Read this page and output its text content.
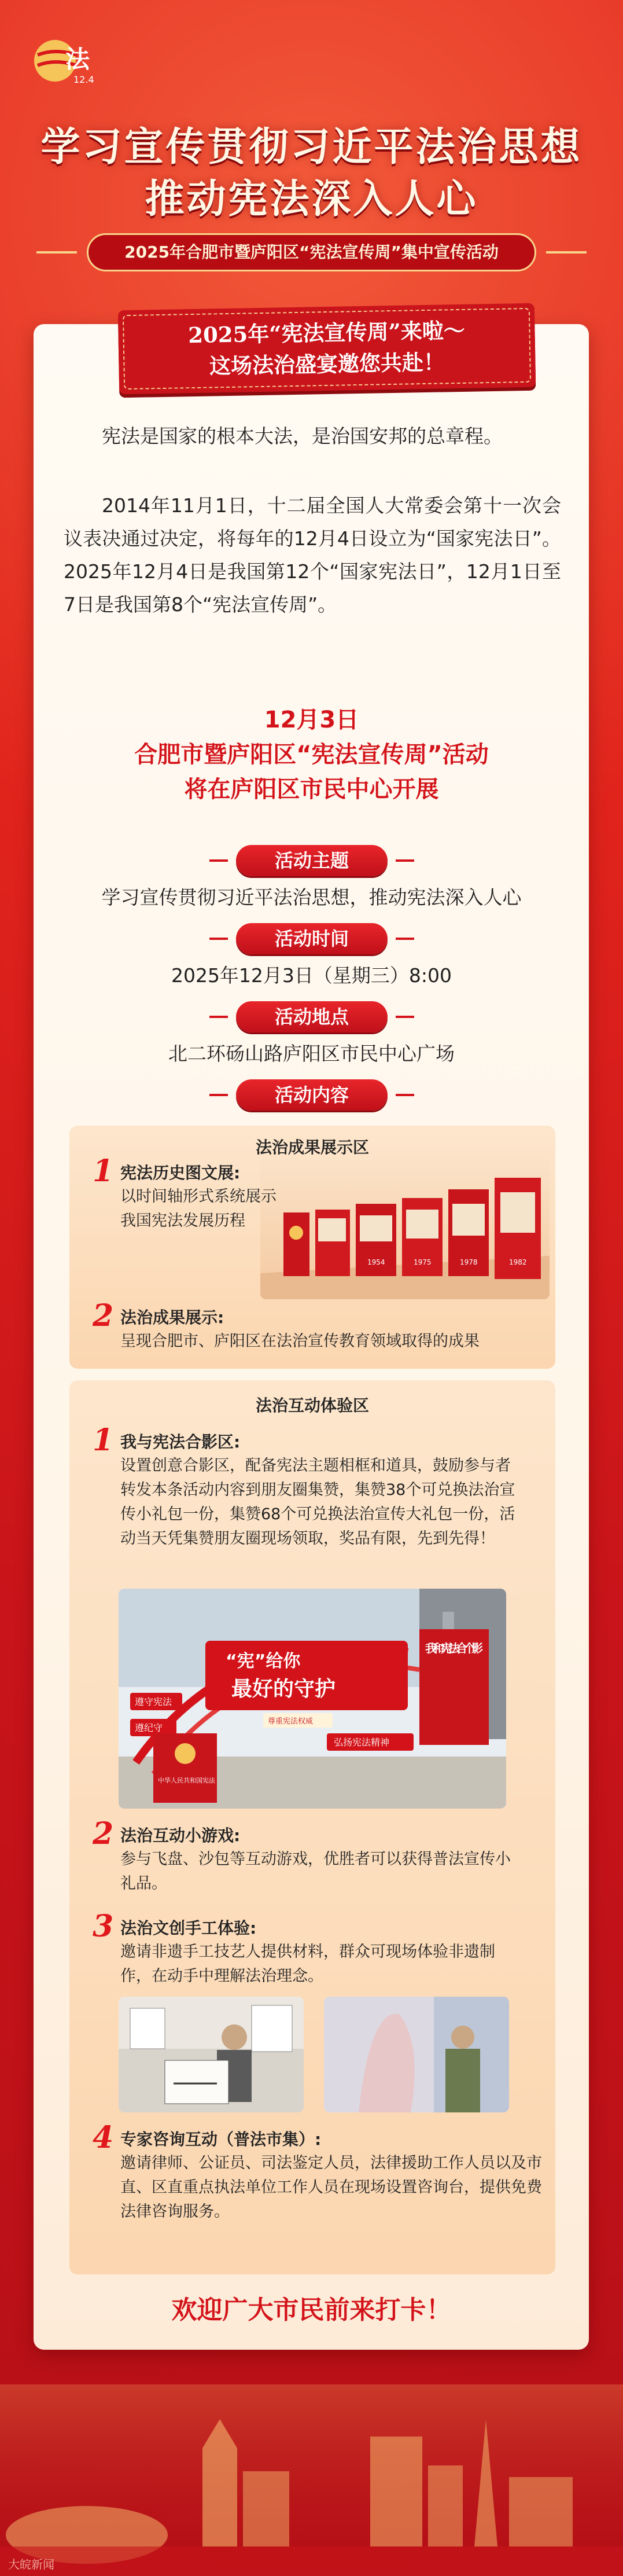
法
12.4
学习宣传贯彻习近平法治思想
推动宪法深入人心
2025年合肥市暨庐阳区“宪法宣传周”集中宣传活动
2025年“宪法宣传周”来啦～
这场法治盛宴邀您共赴！
宪法是国家的根本大法，是治国安邦的总章程。
2014年11月1日，十二届全国人大常委会第十一次会议表决通过决定，将每年的12月4日设立为“国家宪法日”。2025年12月4日是我国第12个“国家宪法日”，12月1日至7日是我国第8个“宪法宣传周”。
12月3日
合肥市暨庐阳区“宪法宣传周”活动
将在庐阳区市民中心开展
活动主题
学习宣传贯彻习近平法治思想，推动宪法深入人心
活动时间
2025年12月3日（星期三）8:00
活动地点
北二环砀山路庐阳区市民中心广场
活动内容
法治成果展示区
1954	1975	1978	1982
1 宪法历史图文展:
以时间轴形式系统展示
我国宪法发展历程
2 法治成果展示:
呈现合肥市、庐阳区在法治宣传教育领域取得的成果
法治互动体验区
1 我与宪法合影区:
设置创意合影区，配备宪法主题相框和道具，鼓励参与者转发本条活动内容到朋友圈集赞，集赞38个可兑换法治宣传小礼包一份，集赞68个可兑换法治宣传大礼包一份，活动当天凭集赞朋友圈现场领取，奖品有限，先到先得！
“宪”给你
最好的守护
我和宪法合个影
遵守宪法
遵纪守
中华人民共和国宪法
弘扬宪法精神
尊重宪法权威
2 法治互动小游戏:
参与飞盘、沙包等互动游戏，优胜者可以获得普法宣传小礼品。
3 法治文创手工体验:
邀请非遗手工技艺人提供材料，群众可现场体验非遗制作，在动手中理解法治理念。
4 专家咨询互动（普法市集）:
邀请律师、公证员、司法鉴定人员，法律援助工作人员以及市直、区直重点执法单位工作人员在现场设置咨询台，提供免费法律咨询服务。
欢迎广大市民前来打卡！
大皖新闻
